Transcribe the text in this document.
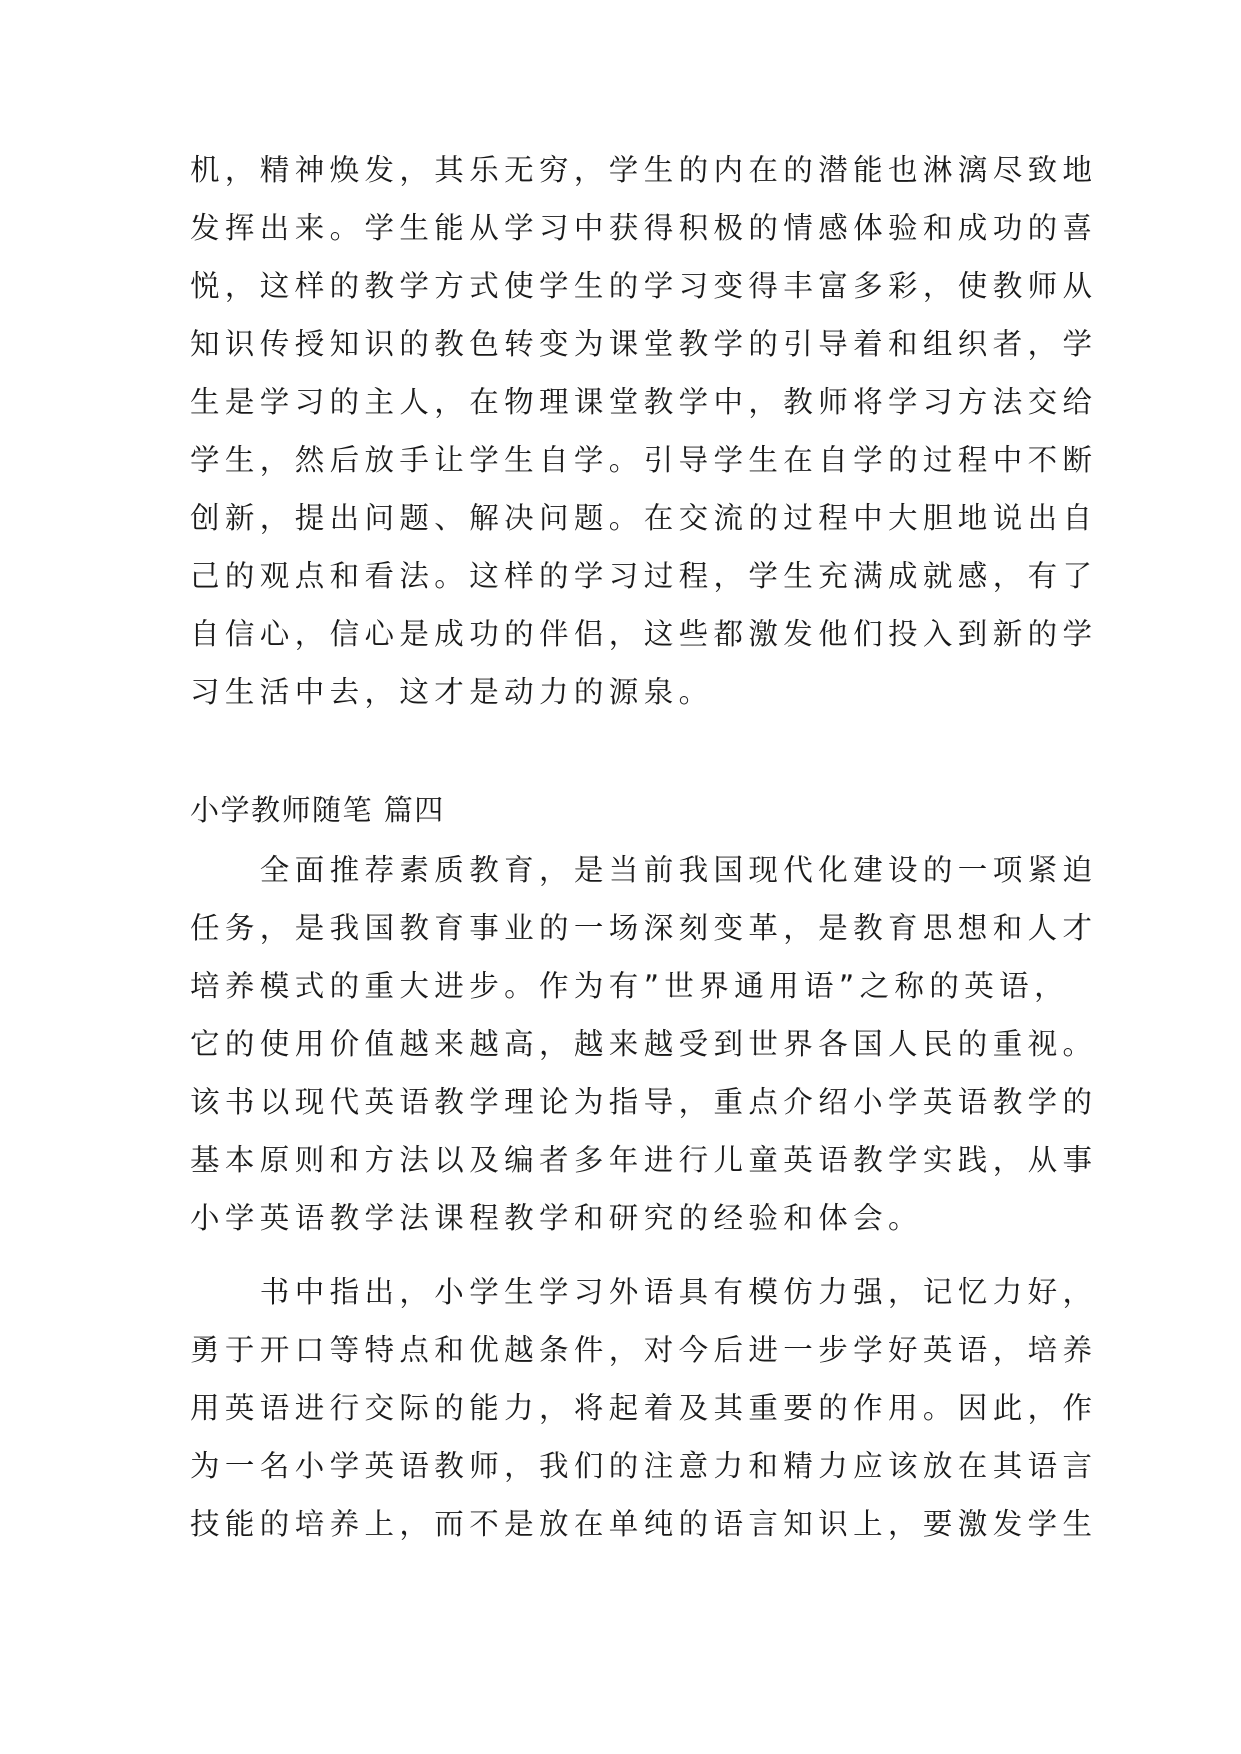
机，精神焕发，其乐无穷，学生的内在的潜能也淋漓尽致地
发挥出来。学生能从学习中获得积极的情感体验和成功的喜
悦，这样的教学方式使学生的学习变得丰富多彩，使教师从
知识传授知识的教色转变为课堂教学的引导着和组织者，学
生是学习的主人，在物理课堂教学中，教师将学习方法交给
学生，然后放手让学生自学。引导学生在自学的过程中不断
创新，提出问题、解决问题。在交流的过程中大胆地说出自
己的观点和看法。这样的学习过程，学生充满成就感，有了
自信心，信心是成功的伴侣，这些都激发他们投入到新的学
习生活中去，这才是动力的源泉。
小学教师随笔 篇四
　　全面推荐素质教育，是当前我国现代化建设的一项紧迫
任务，是我国教育事业的一场深刻变革，是教育思想和人才
培养模式的重大进步。作为有”世界通用语”之称的英语，
它的使用价值越来越高，越来越受到世界各国人民的重视。
该书以现代英语教学理论为指导，重点介绍小学英语教学的
基本原则和方法以及编者多年进行儿童英语教学实践，从事
小学英语教学法课程教学和研究的经验和体会。
　　书中指出，小学生学习外语具有模仿力强，记忆力好，
勇于开口等特点和优越条件，对今后进一步学好英语，培养
用英语进行交际的能力，将起着及其重要的作用。因此，作
为一名小学英语教师，我们的注意力和精力应该放在其语言
技能的培养上，而不是放在单纯的语言知识上，要激发学生
